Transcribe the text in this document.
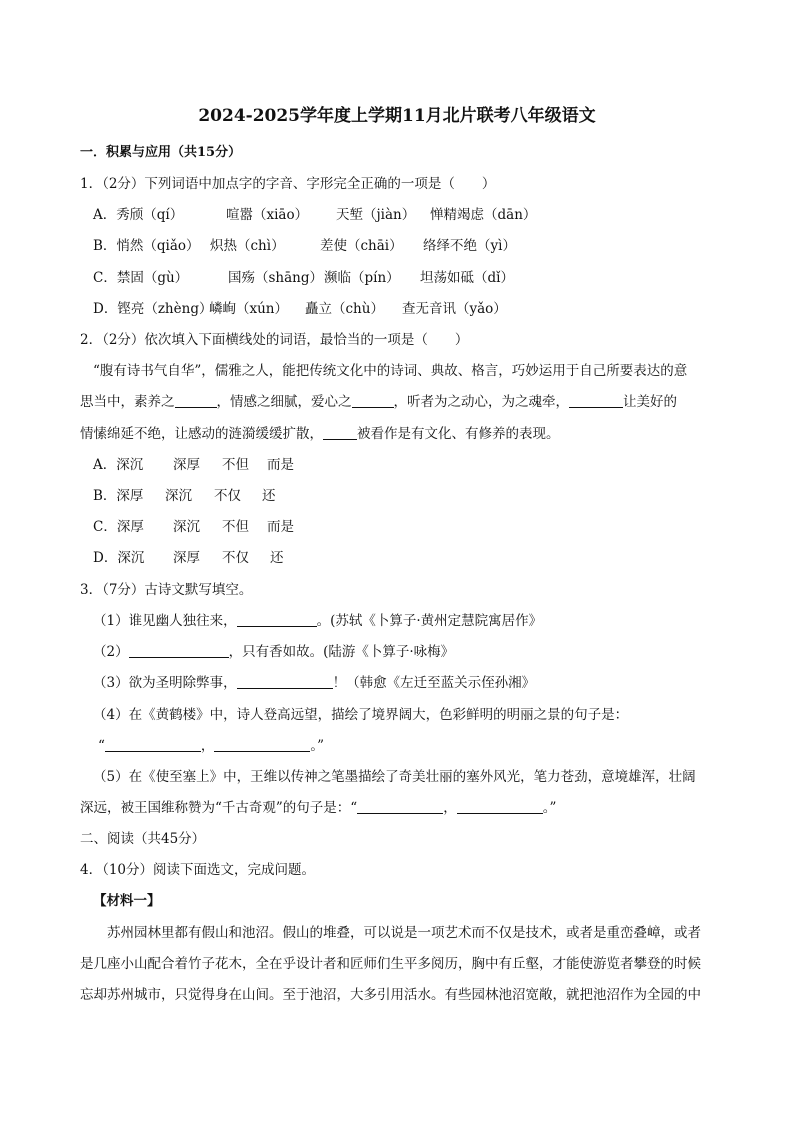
2024-2025学年度上学期11月北片联考八年级语文
一．积累与应用（共15分）
1．（2分）下列词语中加点字的字音、字形完全正确的一项是（　　）
A．秀颀（qí）	喧嚣（xiāo） 天堑（jiàn） 惮精竭虑（dān）
B．悄然（qiǎo） 炽热（chì）	差使（chāi） 络绎不绝（yì）
C．禁固（gù）	国殇（shāng）濒临（pín） 坦荡如砥（dǐ）
D．铿亮（zhèng）嶙峋（xún） 矗立（chù） 查无音讯（yǎo）
2．（2分）依次填入下面横线处的词语，最恰当的一项是（　　）
“腹有诗书气自华”，儒雅之人，能把传统文化中的诗词、典故、格言，巧妙运用于自己所要表达的意
思当中，素养之	，情感之细腻，爱心之	，听者为之动心，为之魂牵，	让美好的
情愫绵延不绝，让感动的涟漪缓缓扩散，	被看作是有文化、有修养的表现。
A．深沉 深厚 不但 而是
B．深厚 深沉 不仅 还
C．深厚 深沉 不但 而是
D．深沉 深厚 不仅 还
3．（7分）古诗文默写填空。
（1）谁见幽人独往来，	。(苏轼《卜算子·黄州定慧院寓居作》
（2）	，只有香如故。(陆游《卜算子·咏梅》
（3）欲为圣明除弊事，	！（韩愈《左迁至蓝关示侄孙湘》
（4）在《黄鹤楼》中，诗人登高远望，描绘了境界阔大，色彩鲜明的明丽之景的句子是：
“	，	。”
（5）在《使至塞上》中，王维以传神之笔墨描绘了奇美壮丽的塞外风光，笔力苍劲，意境雄浑，壮阔
深远，被王国维称赞为“千古奇观”的句子是：“	，	。”
二、阅读（共45分）
4．（10分）阅读下面选文，完成问题。
【材料一】
苏州园林里都有假山和池沼。假山的堆叠，可以说是一项艺术而不仅是技术，或者是重峦叠嶂，或者
是几座小山配合着竹子花木，全在乎设计者和匠师们生平多阅历，胸中有丘壑，才能使游览者攀登的时候
忘却苏州城市，只觉得身在山间。至于池沼，大多引用活水。有些园林池沼宽敞，就把池沼作为全园的中
